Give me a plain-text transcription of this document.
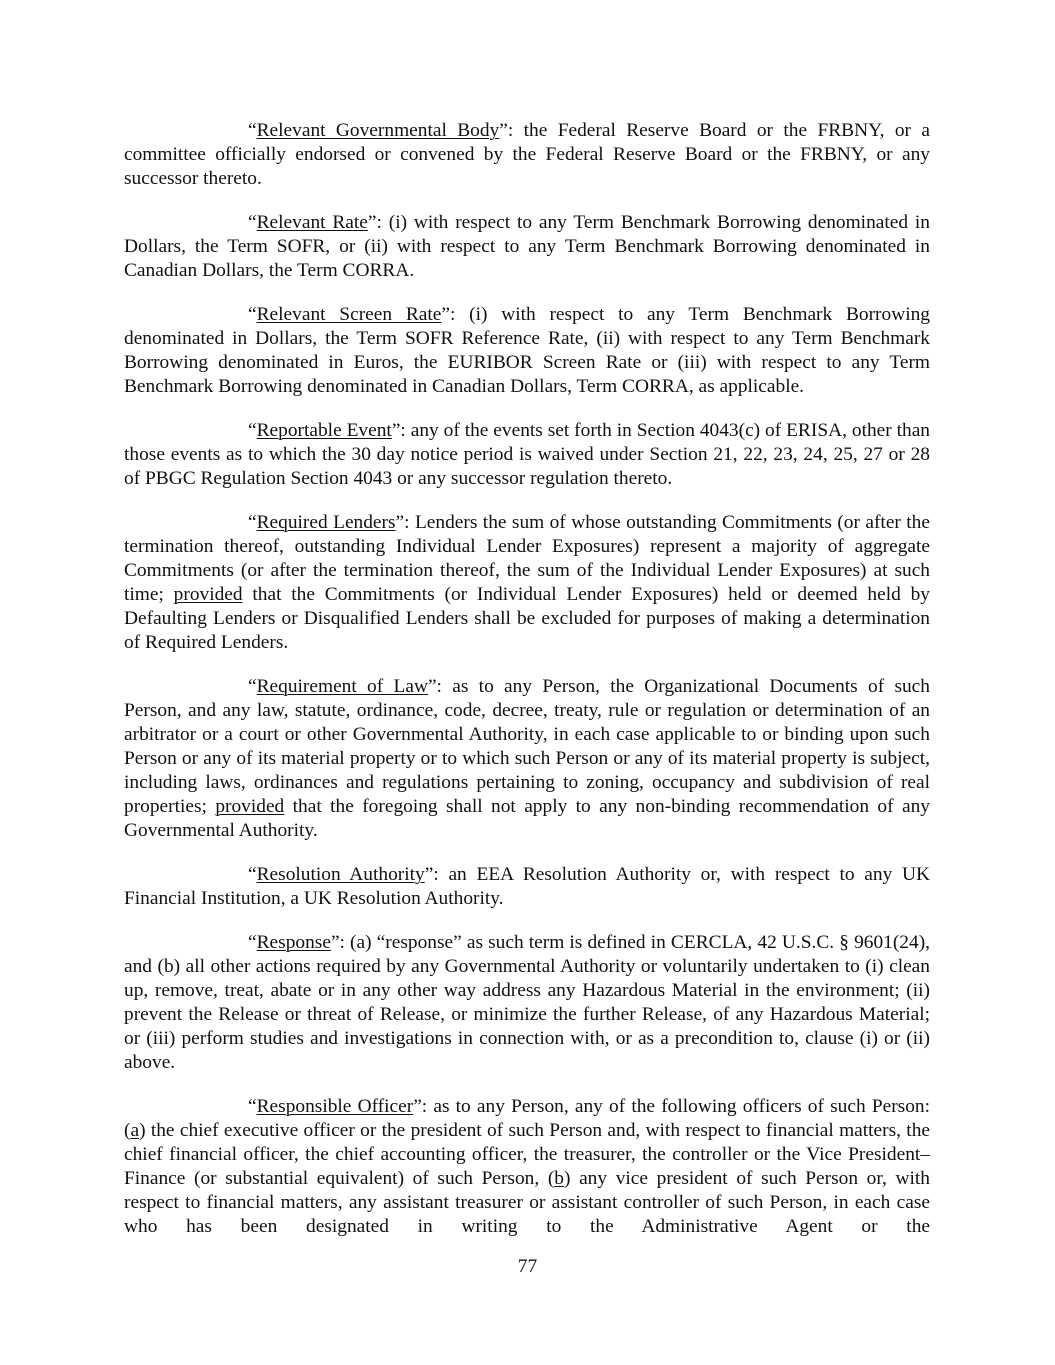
“Relevant Governmental Body”: the Federal Reserve Board or the FRBNY, or a committee officially endorsed or convened by the Federal Reserve Board or the FRBNY, or any successor thereto.

“Relevant Rate”: (i) with respect to any Term Benchmark Borrowing denominated in Dollars, the Term SOFR, or (ii) with respect to any Term Benchmark Borrowing denominated in Canadian Dollars, the Term CORRA.

“Relevant Screen Rate”: (i) with respect to any Term Benchmark Borrowing denominated in Dollars, the Term SOFR Reference Rate, (ii) with respect to any Term Benchmark Borrowing denominated in Euros, the EURIBOR Screen Rate or (iii) with respect to any Term Benchmark Borrowing denominated in Canadian Dollars, Term CORRA, as applicable.

“Reportable Event”: any of the events set forth in Section 4043(c) of ERISA, other than those events as to which the 30 day notice period is waived under Section 21, 22, 23, 24, 25, 27 or 28 of PBGC Regulation Section 4043 or any successor regulation thereto.

“Required Lenders”: Lenders the sum of whose outstanding Commitments (or after the termination thereof, outstanding Individual Lender Exposures) represent a majority of aggregate Commitments (or after the termination thereof, the sum of the Individual Lender Exposures) at such time; provided that the Commitments (or Individual Lender Exposures) held or deemed held by Defaulting Lenders or Disqualified Lenders shall be excluded for purposes of making a determination of Required Lenders.

“Requirement of Law”: as to any Person, the Organizational Documents of such Person, and any law, statute, ordinance, code, decree, treaty, rule or regulation or determination of an arbitrator or a court or other Governmental Authority, in each case applicable to or binding upon such Person or any of its material property or to which such Person or any of its material property is subject, including laws, ordinances and regulations pertaining to zoning, occupancy and subdivision of real properties; provided that the foregoing shall not apply to any non-binding recommendation of any Governmental Authority.

“Resolution Authority”: an EEA Resolution Authority or, with respect to any UK Financial Institution, a UK Resolution Authority.

“Response”: (a) “response” as such term is defined in CERCLA, 42 U.S.C. § 9601(24), and (b) all other actions required by any Governmental Authority or voluntarily undertaken to (i) clean up, remove, treat, abate or in any other way address any Hazardous Material in the environment; (ii) prevent the Release or threat of Release, or minimize the further Release, of any Hazardous Material; or (iii) perform studies and investigations in connection with, or as a precondition to, clause (i) or (ii) above.

“Responsible Officer”: as to any Person, any of the following officers of such Person: (a) the chief executive officer or the president of such Person and, with respect to financial matters, the chief financial officer, the chief accounting officer, the treasurer, the controller or the Vice President–Finance (or substantial equivalent) of such Person, (b) any vice president of such Person or, with respect to financial matters, any assistant treasurer or assistant controller of such Person, in each case who has been designated in writing to the Administrative Agent or the

77
